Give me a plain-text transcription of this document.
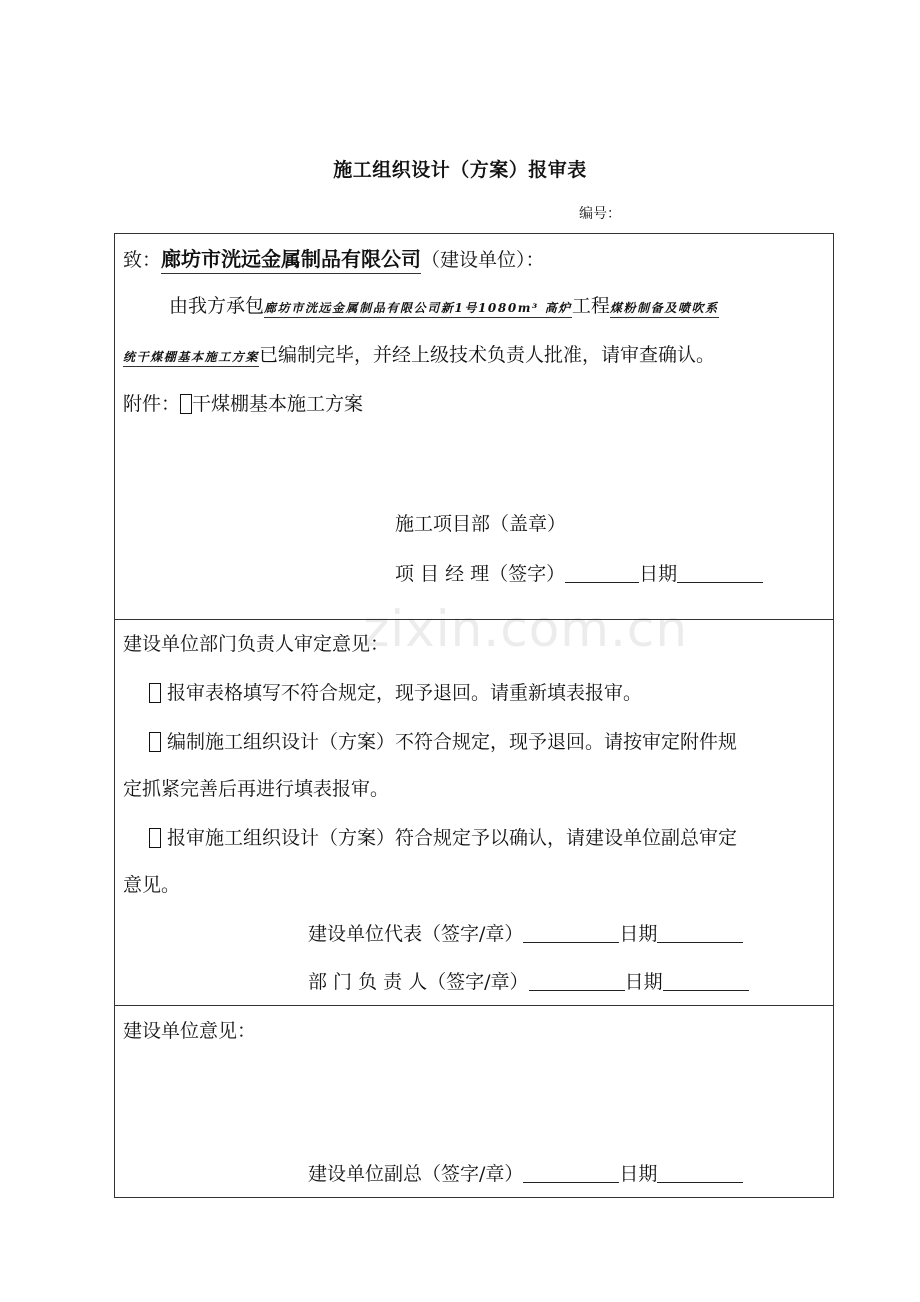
施工组织设计（方案）报审表
编号：
zixin.com.cn
致：廊坊市洸远金属制品有限公司（建设单位）：
由我方承包廊坊市洸远金属制品有限公司新1号1080m³ 高炉工程煤粉制备及喷吹系
统干煤棚基本施工方案已编制完毕，并经上级技术负责人批准，请审查确认。
附件： 干煤棚基本施工方案
施工项目部（盖章）
项 目 经 理（签字）	日期
建设单位部门负责人审定意见：
报审表格填写不符合规定，现予退回。请重新填表报审。
编制施工组织设计（方案）不符合规定，现予退回。请按审定附件规
定抓紧完善后再进行填表报审。
报审施工组织设计（方案）符合规定予以确认，请建设单位副总审定
意见。
建设单位代表（签字/章）	日期
部 门 负 责 人（签字/章）	日期
建设单位意见：
建设单位副总（签字/章）	日期
